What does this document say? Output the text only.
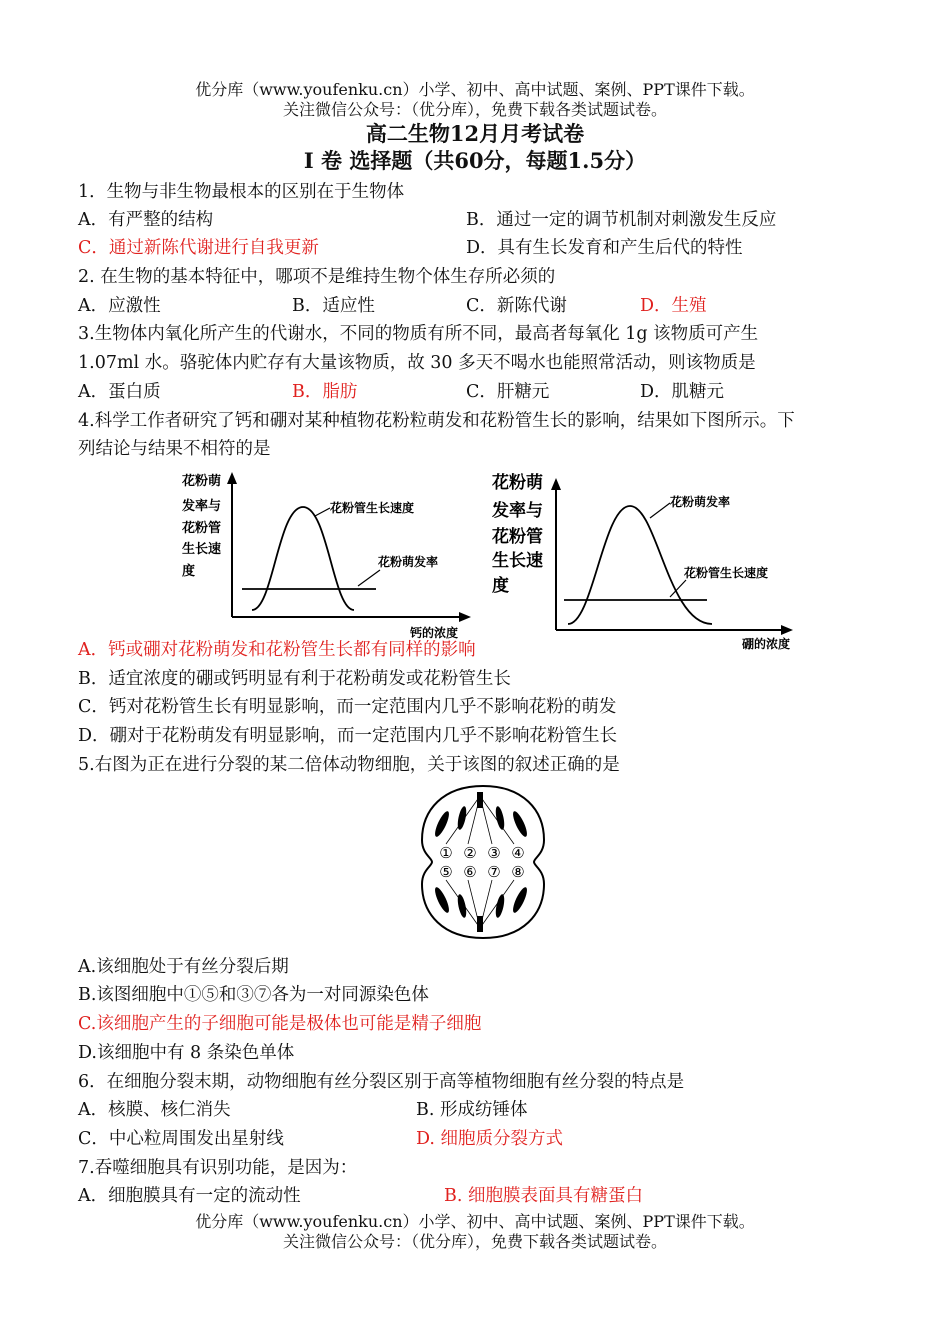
优分库（www.youfenku.cn）小学、初中、高中试题、案例、PPT课件下载。
关注微信公众号：（优分库），免费下载各类试题试卷。
高二生物12月月考试卷
Ⅰ 卷 选择题（共60分，每题1.5分）
1．生物与非生物最根本的区别在于生物体
A．有严整的结构	B．通过一定的调节机制对刺激发生反应
C．通过新陈代谢进行自我更新	D．具有生长发育和产生后代的特性
2. 在生物的基本特征中，哪项不是维持生物个体生存所必须的
A．应激性	B．适应性	C．新陈代谢	D．生殖
3.生物体内氧化所产生的代谢水，不同的物质有所不同，最高者每氧化 1g 该物质可产生
1.07ml 水。骆驼体内贮存有大量该物质，故 30 多天不喝水也能照常活动，则该物质是
A．蛋白质	B．脂肪	C．肝糖元	D．肌糖元
4.科学工作者研究了钙和硼对某种植物花粉粒萌发和花粉管生长的影响，结果如下图所示。下
列结论与结果不相符的是
花粉萌
发率与
花粉管
生长速
度
花粉管生长速度
花粉萌发率
钙的浓度
花粉萌
发率与
花粉管
生长速
度
花粉萌发率
花粉管生长速度
硼的浓度
A．钙或硼对花粉萌发和花粉管生长都有同样的影响
B．适宜浓度的硼或钙明显有利于花粉萌发或花粉管生长
C．钙对花粉管生长有明显影响，而一定范围内几乎不影响花粉的萌发
D．硼对于花粉萌发有明显影响，而一定范围内几乎不影响花粉管生长
5.右图为正在进行分裂的某二倍体动物细胞，关于该图的叙述正确的是
① ② ③ ④
⑤ ⑥ ⑦ ⑧
A.该细胞处于有丝分裂后期
B.该图细胞中①⑤和③⑦各为一对同源染色体
C.该细胞产生的子细胞可能是极体也可能是精子细胞
D.该细胞中有 8 条染色单体
6．在细胞分裂末期，动物细胞有丝分裂区别于高等植物细胞有丝分裂的特点是
A．核膜、核仁消失	B. 形成纺锤体
C．中心粒周围发出星射线	D. 细胞质分裂方式
7.吞噬细胞具有识别功能，是因为：
A．细胞膜具有一定的流动性	B. 细胞膜表面具有糖蛋白
优分库（www.youfenku.cn）小学、初中、高中试题、案例、PPT课件下载。
关注微信公众号：（优分库），免费下载各类试题试卷。
